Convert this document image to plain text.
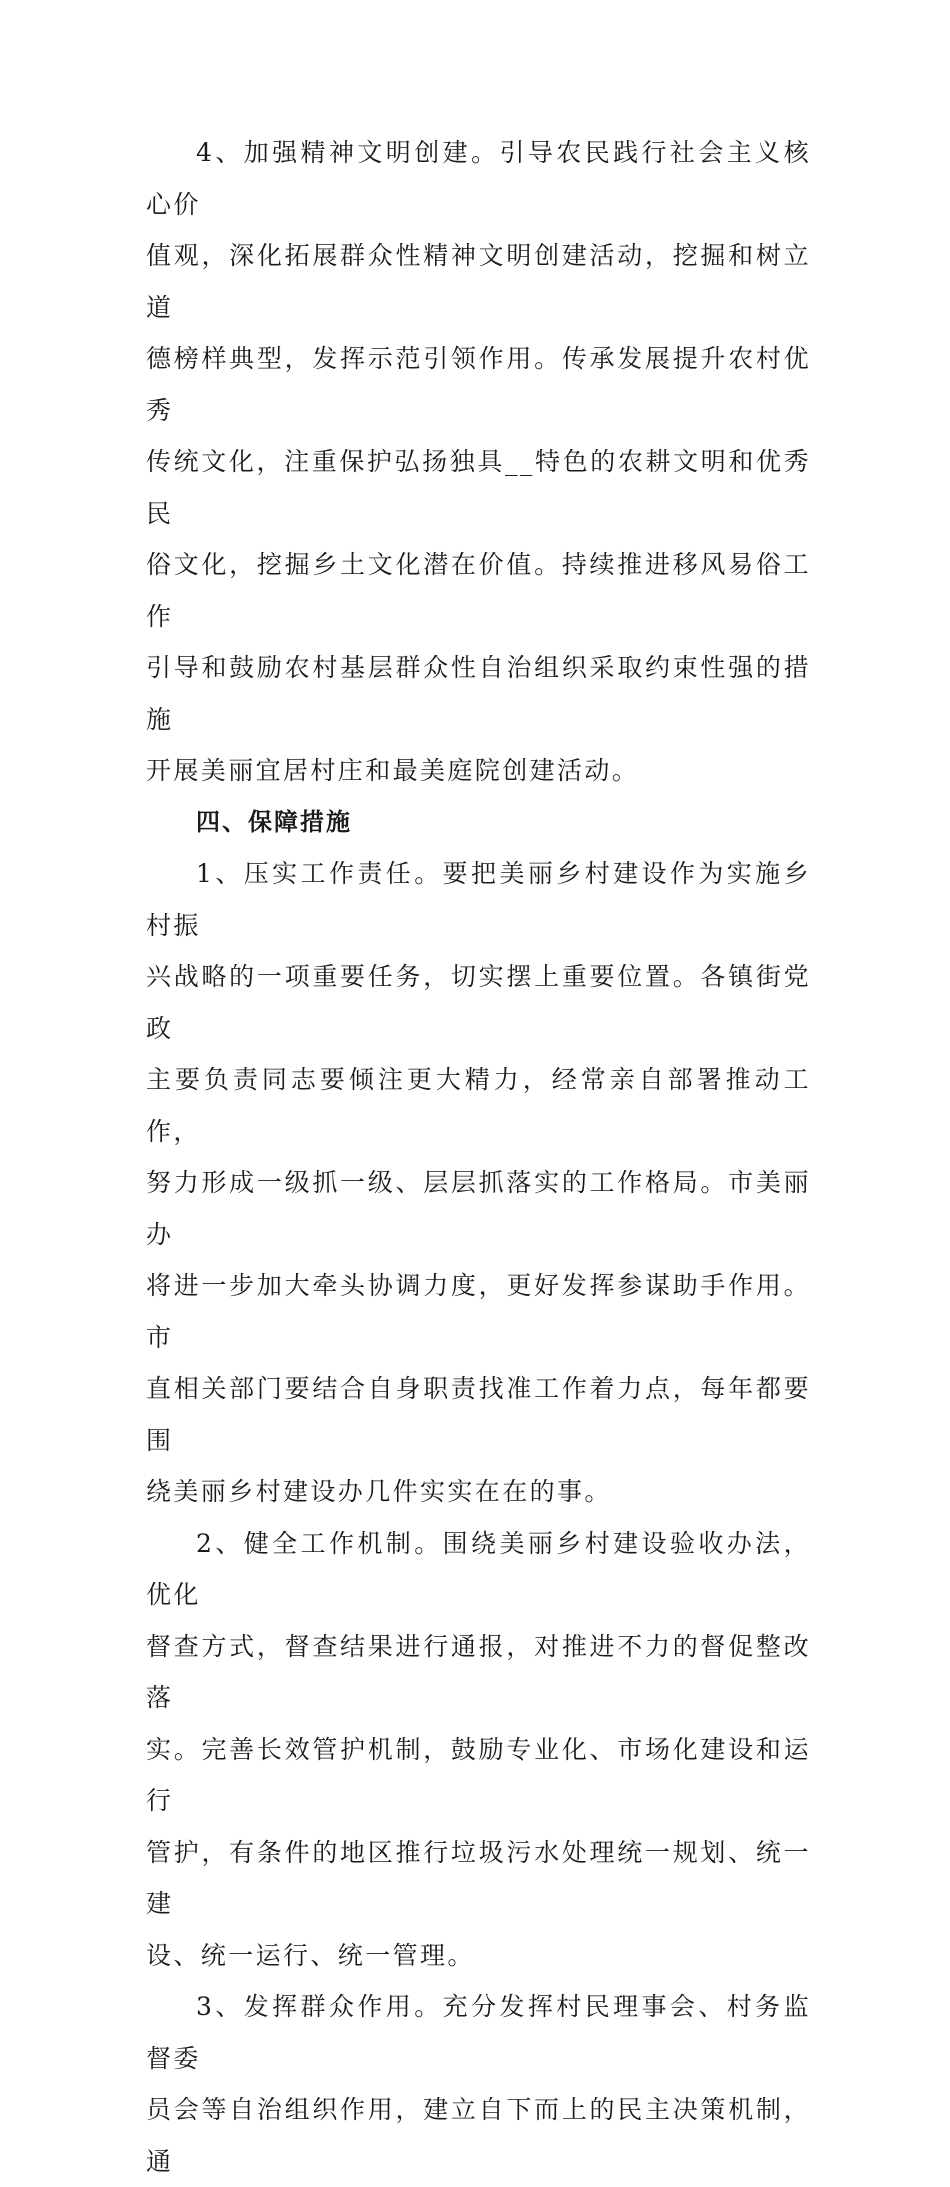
4、加强精神文明创建。引导农民践行社会主义核心价
值观，深化拓展群众性精神文明创建活动，挖掘和树立道
德榜样典型，发挥示范引领作用。传承发展提升农村优秀
传统文化，注重保护弘扬独具__特色的农耕文明和优秀民
俗文化，挖掘乡土文化潜在价值。持续推进移风易俗工作
引导和鼓励农村基层群众性自治组织采取约束性强的措施
开展美丽宜居村庄和最美庭院创建活动。

四、保障措施

1、压实工作责任。要把美丽乡村建设作为实施乡村振
兴战略的一项重要任务，切实摆上重要位置。各镇街党政
主要负责同志要倾注更大精力，经常亲自部署推动工作，
努力形成一级抓一级、层层抓落实的工作格局。市美丽办
将进一步加大牵头协调力度，更好发挥参谋助手作用。市
直相关部门要结合自身职责找准工作着力点，每年都要围
绕美丽乡村建设办几件实实在在的事。

2、健全工作机制。围绕美丽乡村建设验收办法，优化
督查方式，督查结果进行通报，对推进不力的督促整改落
实。完善长效管护机制，鼓励专业化、市场化建设和运行
管护，有条件的地区推行垃圾污水处理统一规划、统一建
设、统一运行、统一管理。

3、发挥群众作用。充分发挥村民理事会、村务监督委
员会等自治组织作用，建立自下而上的民主决策机制，通
